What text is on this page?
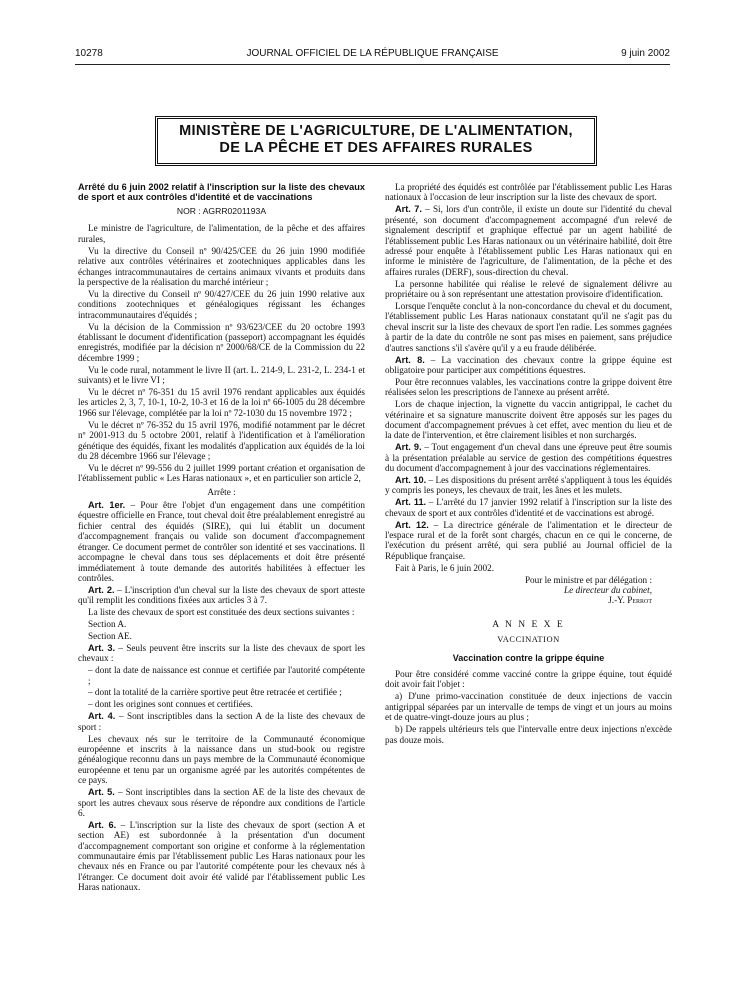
10278	JOURNAL OFFICIEL DE LA RÉPUBLIQUE FRANÇAISE	9 juin 2002
MINISTÈRE DE L'AGRICULTURE, DE L'ALIMENTATION,
DE LA PÊCHE ET DES AFFAIRES RURALES
Arrêté du 6 juin 2002 relatif à l'inscription sur la liste des chevaux de sport et aux contrôles d'identité et de vaccinations
NOR : AGRR0201193A

Le ministre de l'agriculture, de l'alimentation, de la pêche et des affaires rurales,

Vu la directive du Conseil nº 90/425/CEE du 26 juin 1990 modifiée relative aux contrôles vétérinaires et zootechniques applicables dans les échanges intracommunautaires de certains animaux vivants et produits dans la perspective de la réalisation du marché intérieur ;

Vu la directive du Conseil nº 90/427/CEE du 26 juin 1990 relative aux conditions zootechniques et généalogiques régissant les échanges intracommunautaires d'équidés ;

Vu la décision de la Commission nº 93/623/CEE du 20 octobre 1993 établissant le document d'identification (passeport) accompagnant les équidés enregistrés, modifiée par la décision nº 2000/68/CE de la Commission du 22 décembre 1999 ;

Vu le code rural, notamment le livre II (art. L. 214-9, L. 231-2, L. 234-1 et suivants) et le livre VI ;

Vu le décret nº 76-351 du 15 avril 1976 rendant applicables aux équidés les articles 2, 3, 7, 10-1, 10-2, 10-3 et 16 de la loi nº 66-1005 du 28 décembre 1966 sur l'élevage, complétée par la loi nº 72-1030 du 15 novembre 1972 ;

Vu le décret nº 76-352 du 15 avril 1976, modifié notamment par le décret nº 2001-913 du 5 octobre 2001, relatif à l'identification et à l'amélioration génétique des équidés, fixant les modalités d'application aux équidés de la loi du 28 décembre 1966 sur l'élevage ;

Vu le décret nº 99-556 du 2 juillet 1999 portant création et organisation de l'établissement public « Les Haras nationaux », et en particulier son article 2,

Arrête :

Art. 1er. – Pour être l'objet d'un engagement dans une compétition équestre officielle en France, tout cheval doit être préalablement enregistré au fichier central des équidés (SIRE), qui lui établit un document d'accompagnement français ou valide son document d'accompagnement étranger. Ce document permet de contrôler son identité et ses vaccinations. Il accompagne le cheval dans tous ses déplacements et doit être présenté immédiatement à toute demande des autorités habilitées à effectuer les contrôles.

Art. 2. – L'inscription d'un cheval sur la liste des chevaux de sport atteste qu'il remplit les conditions fixées aux articles 3 à 7.

La liste des chevaux de sport est constituée des deux sections suivantes :

Section A.

Section AE.

Art. 3. – Seuls peuvent être inscrits sur la liste des chevaux de sport les chevaux :

– dont la date de naissance est connue et certifiée par l'autorité compétente ;

– dont la totalité de la carrière sportive peut être retracée et certifiée ;

– dont les origines sont connues et certifiées.

Art. 4. – Sont inscriptibles dans la section A de la liste des chevaux de sport :

Les chevaux nés sur le territoire de la Communauté économique européenne et inscrits à la naissance dans un stud-book ou registre généalogique reconnu dans un pays membre de la Communauté économique européenne et tenu par un organisme agréé par les autorités compétentes de ce pays.

Art. 5. – Sont inscriptibles dans la section AE de la liste des chevaux de sport les autres chevaux sous réserve de répondre aux conditions de l'article 6.

Art. 6. – L'inscription sur la liste des chevaux de sport (section A et section AE) est subordonnée à la présentation d'un document d'accompagnement comportant son origine et conforme à la réglementation communautaire émis par l'établissement public Les Haras nationaux pour les chevaux nés en France ou par l'autorité compétente pour les chevaux nés à l'étranger. Ce document doit avoir été validé par l'établissement public Les Haras nationaux.

La propriété des équidés est contrôlée par l'établissement public Les Haras nationaux à l'occasion de leur inscription sur la liste des chevaux de sport.

Art. 7. – Si, lors d'un contrôle, il existe un doute sur l'identité du cheval présenté, son document d'accompagnement accompagné d'un relevé de signalement descriptif et graphique effectué par un agent habilité de l'établissement public Les Haras nationaux ou un vétérinaire habilité, doit être adressé pour enquête à l'établissement public Les Haras nationaux qui en informe le ministère de l'agriculture, de l'alimentation, de la pêche et des affaires rurales (DERF), sous-direction du cheval.

La personne habilitée qui réalise le relevé de signalement délivre au propriétaire ou à son représentant une attestation provisoire d'identification.

Lorsque l'enquête conclut à la non-concordance du cheval et du document, l'établissement public Les Haras nationaux constatant qu'il ne s'agit pas du cheval inscrit sur la liste des chevaux de sport l'en radie. Les sommes gagnées à partir de la date du contrôle ne sont pas mises en paiement, sans préjudice d'autres sanctions s'il s'avère qu'il y a eu fraude délibérée.

Art. 8. – La vaccination des chevaux contre la grippe équine est obligatoire pour participer aux compétitions équestres.

Pour être reconnues valables, les vaccinations contre la grippe doivent être réalisées selon les prescriptions de l'annexe au présent arrêté.

Lors de chaque injection, la vignette du vaccin antigrippal, le cachet du vétérinaire et sa signature manuscrite doivent être apposés sur les pages du document d'accompagnement prévues à cet effet, avec mention du lieu et de la date de l'intervention, et être clairement lisibles et non surchargés.

Art. 9. – Tout engagement d'un cheval dans une épreuve peut être soumis à la présentation préalable au service de gestion des compétitions équestres du document d'accompagnement à jour des vaccinations réglementaires.

Art. 10. – Les dispositions du présent arrêté s'appliquent à tous les équidés y compris les poneys, les chevaux de trait, les ânes et les mulets.

Art. 11. – L'arrêté du 17 janvier 1992 relatif à l'inscription sur la liste des chevaux de sport et aux contrôles d'identité et de vaccinations est abrogé.

Art. 12. – La directrice générale de l'alimentation et le directeur de l'espace rural et de la forêt sont chargés, chacun en ce qui le concerne, de l'exécution du présent arrêté, qui sera publié au Journal officiel de la République française.

Fait à Paris, le 6 juin 2002.

Pour le ministre et par délégation :

Le directeur du cabinet,

J.-Y. Perrot

A N N E X E
VACCINATION
Vaccination contre la grippe équine

Pour être considéré comme vacciné contre la grippe équine, tout équidé doit avoir fait l'objet :

a) D'une primo-vaccination constituée de deux injections de vaccin antigrippal séparées par un intervalle de temps de vingt et un jours au moins et de quatre-vingt-douze jours au plus ;

b) De rappels ultérieurs tels que l'intervalle entre deux injections n'excède pas douze mois.
